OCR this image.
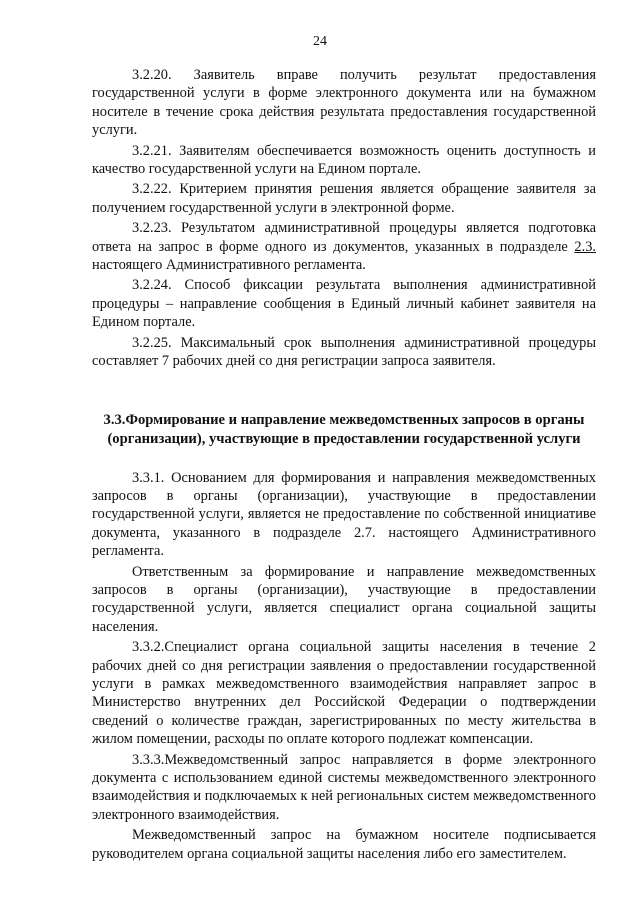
24

3.2.20. Заявитель вправе получить результат предоставления государственной услуги в форме электронного документа или на бумажном носителе в течение срока действия результата предоставления государственной услуги.

3.2.21. Заявителям обеспечивается возможность оценить доступность и качество государственной услуги на Едином портале.

3.2.22. Критерием принятия решения является обращение заявителя за получением государственной услуги в электронной форме.

3.2.23. Результатом административной процедуры является подготовка ответа на запрос в форме одного из документов, указанных в подразделе 2.3. настоящего Административного регламента.

3.2.24. Способ фиксации результата выполнения административной процедуры – направление сообщения в Единый личный кабинет заявителя на Едином портале.

3.2.25. Максимальный срок выполнения административной процедуры составляет 7 рабочих дней со дня регистрации запроса заявителя.

3.3.Формирование и направление межведомственных запросов в органы (организации), участвующие в предоставлении государственной услуги

3.3.1. Основанием для формирования и направления межведомственных запросов в органы (организации), участвующие в предоставлении государственной услуги, является не предоставление по собственной инициативе документа, указанного в подразделе 2.7. настоящего Административного регламента.

Ответственным за формирование и направление межведомственных запросов в органы (организации), участвующие в предоставлении государственной услуги, является специалист органа социальной защиты населения.

3.3.2.Специалист органа социальной защиты населения в течение 2 рабочих дней со дня регистрации заявления о предоставлении государственной услуги в рамках межведомственного взаимодействия направляет запрос в Министерство внутренних дел Российской Федерации о подтверждении сведений о количестве граждан, зарегистрированных по месту жительства в жилом помещении, расходы по оплате которого подлежат компенсации.

3.3.3.Межведомственный запрос направляется в форме электронного документа с использованием единой системы межведомственного электронного взаимодействия и подключаемых к ней региональных систем межведомственного электронного взаимодействия.

Межведомственный запрос на бумажном носителе подписывается руководителем органа социальной защиты населения либо его заместителем.
